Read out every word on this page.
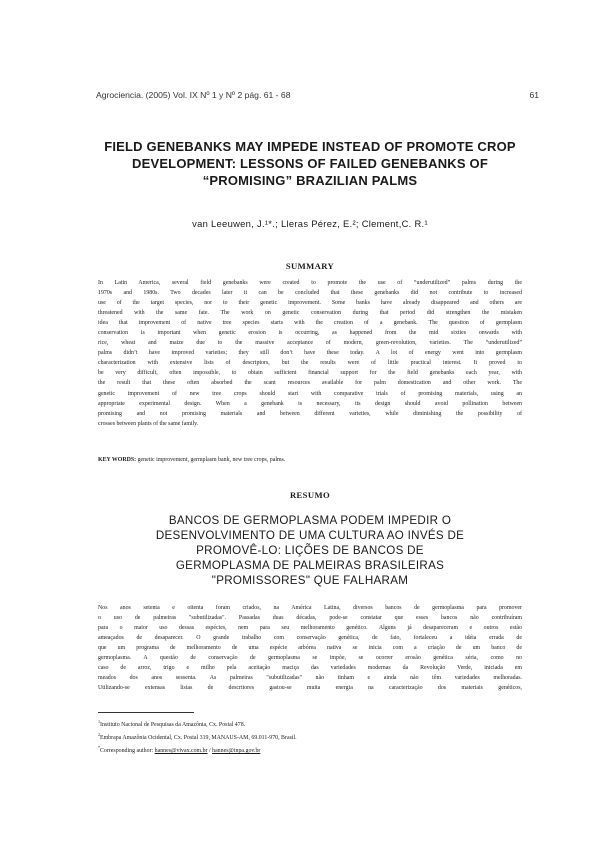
Agrociencia. (2005) Vol. IX Nº 1 y Nº 2 pág. 61 - 68	61
FIELD GENEBANKS MAY IMPEDE INSTEAD OF PROMOTE CROP
DEVELOPMENT: LESSONS OF FAILED GENEBANKS OF
“PROMISING” BRAZILIAN PALMS
van Leeuwen, J.¹*.; Lleras Pérez, E.²; Clement,C. R.¹
SUMMARY
In Latin America, several field genebanks were created to promote the use of “underutilized” palms during the
1970s and 1980s. Two decades later it can be concluded that these genebanks did not contribute to increased
use of the target species, nor to their genetic improvement. Some banks have already disappeared and others are
threatened with the same fate. The work on genetic conservation during that period did strengthen the mistaken
idea that improvement of native tree species starts with the creation of a genebank. The question of germplasm
conservation is important when genetic erosion is occurring, as happened from the mid sixties onwards with
rice, wheat and maize due to the massive acceptance of modern, green-revolution, varieties. The “underutilized”
palms didn’t have improved varieties; they still don’t have these today. A lot of energy went into germplasm
characterization with extensive lists of descriptors, but the results were of little practical interest. It proved to
be very difficult, often impossible, to obtain sufficient financial support for the field genebanks each year, with
the result that these often absorbed the scant resources available for palm domestication and other work. The
genetic improvement of new tree crops should start with comparative trials of promising materials, using an
appropriate experimental design. When a genebank is necessary, its design should avoid pollination between
promising and not promising materials and between different varieties, while diminishing the possibility of
crosses between plants of the same family.
KEY WORDS: genetic improvement, germplasm bank, new tree crops, palms.
RESUMO
BANCOS DE GERMOPLASMA PODEM IMPEDIR O
DESENVOLVIMENTO DE UMA CULTURA AO INVÉS DE
PROMOVÊ-LO: LIÇÕES DE BANCOS DE
GERMOPLASMA DE PALMEIRAS BRASILEIRAS
"PROMISSORES" QUE FALHARAM
Nos anos setenta e oitenta foram criados, na América Latina, diversos bancos de germoplasma para promover
o uso de palmeiras "subutilizadas". Passadas duas décadas, pode-se constatar que esses bancos não contribuíram
para o maior uso dessas espécies, nem para seu melhoramento genético. Alguns já desapareceram e outros estão
ameaçados de desaparecer. O grande trabalho com conservação genética, de fato, fortaleceu a idéia errada de
que um programa de melhoramento de uma espécie arbórea nativa se inicia com a criação de um banco de
germoplasma. A questão de conservação de germoplasma se impõe, se ocorrer erosão genética séria, como no
caso de arroz, trigo e milho pela aceitação maciça das variedades modernas da Revolução Verde, iniciada em
meados dos anos sessenta. As palmeiras "subutilizadas" não tinham e ainda não têm variedades melhoradas.
Utilizando-se extensas listas de descritores gastou-se muita energia na caracterização dos materiais genéticos,
$^1$Instituto Nacional de Pesquisas da Amazônia, Cx. Postal 478.
$^2$Embrapa Amazônia Ocidental, Cx. Postal 319, MANAUS-AM, 69.011-970, Brasil.
*Corresponding author: hannes@vivax.com.br / hannes@inpa.gov.br
